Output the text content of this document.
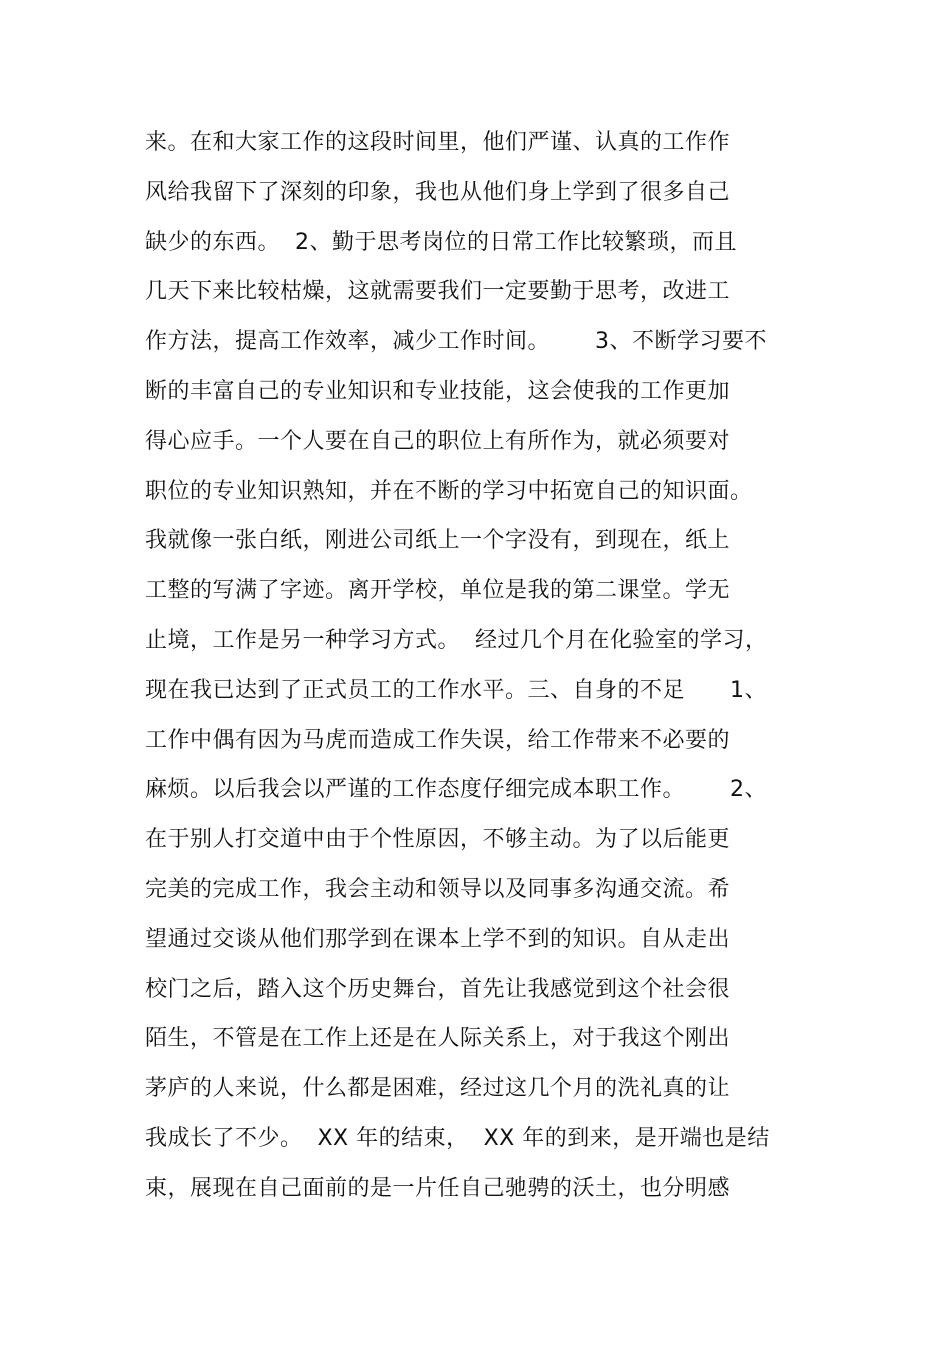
来。在和大家工作的这段时间里，他们严谨、认真的工作作
风给我留下了深刻的印象，我也从他们身上学到了很多自己
缺少的东西。  2、勤于思考岗位的日常工作比较繁琐，而且
几天下来比较枯燥，这就需要我们一定要勤于思考，改进工
作方法，提高工作效率，减少工作时间。      3、不断学习要不
断的丰富自己的专业知识和专业技能，这会使我的工作更加
得心应手。一个人要在自己的职位上有所作为，就必须要对
职位的专业知识熟知，并在不断的学习中拓宽自己的知识面。
我就像一张白纸，刚进公司纸上一个字没有，到现在，纸上
工整的写满了字迹。离开学校，单位是我的第二课堂。学无
止境，工作是另一种学习方式。  经过几个月在化验室的学习，
现在我已达到了正式员工的工作水平。三、自身的不足      1、
工作中偶有因为马虎而造成工作失误，给工作带来不必要的
麻烦。以后我会以严谨的工作态度仔细完成本职工作。      2、
在于别人打交道中由于个性原因，不够主动。为了以后能更
完美的完成工作，我会主动和领导以及同事多沟通交流。希
望通过交谈从他们那学到在课本上学不到的知识。自从走出
校门之后，踏入这个历史舞台，首先让我感觉到这个社会很
陌生，不管是在工作上还是在人际关系上，对于我这个刚出
茅庐的人来说，什么都是困难，经过这几个月的洗礼真的让
我成长了不少。  XX 年的结束，  XX 年的到来，是开端也是结
束，展现在自己面前的是一片任自己驰骋的沃土，也分明感
